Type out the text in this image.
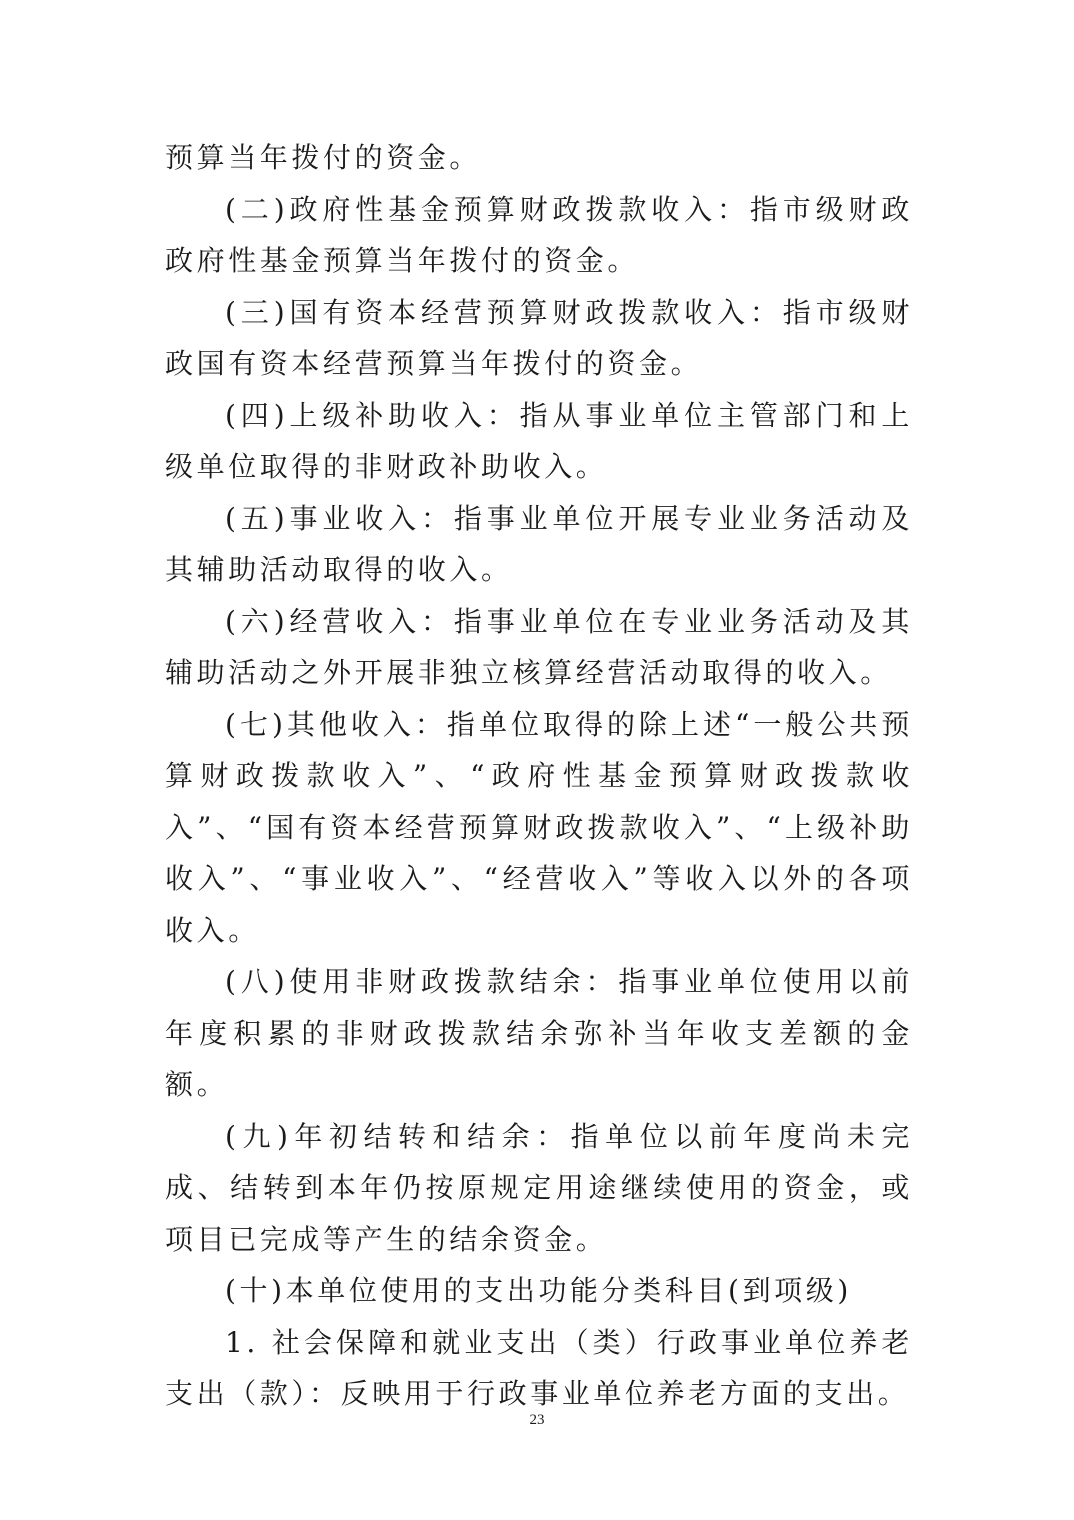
预算当年拨付的资金。

(二)政府性基金预算财政拨款收入：指市级财政政府性基金预算当年拨付的资金。

(三)国有资本经营预算财政拨款收入：指市级财政国有资本经营预算当年拨付的资金。

(四)上级补助收入：指从事业单位主管部门和上级单位取得的非财政补助收入。

(五)事业收入：指事业单位开展专业业务活动及其辅助活动取得的收入。

(六)经营收入：指事业单位在专业业务活动及其辅助活动之外开展非独立核算经营活动取得的收入。

(七)其他收入：指单位取得的除上述“一般公共预算财政拨款收入”、“政府性基金预算财政拨款收入”、“国有资本经营预算财政拨款收入”、“上级补助收入”、“事业收入”、“经营收入”等收入以外的各项收入。

(八)使用非财政拨款结余：指事业单位使用以前年度积累的非财政拨款结余弥补当年收支差额的金额。

(九)年初结转和结余：指单位以前年度尚未完成、结转到本年仍按原规定用途继续使用的资金，或项目已完成等产生的结余资金。

(十)本单位使用的支出功能分类科目(到项级)

1. 社会保障和就业支出（类）行政事业单位养老支出（款）：反映用于行政事业单位养老方面的支出。

23
